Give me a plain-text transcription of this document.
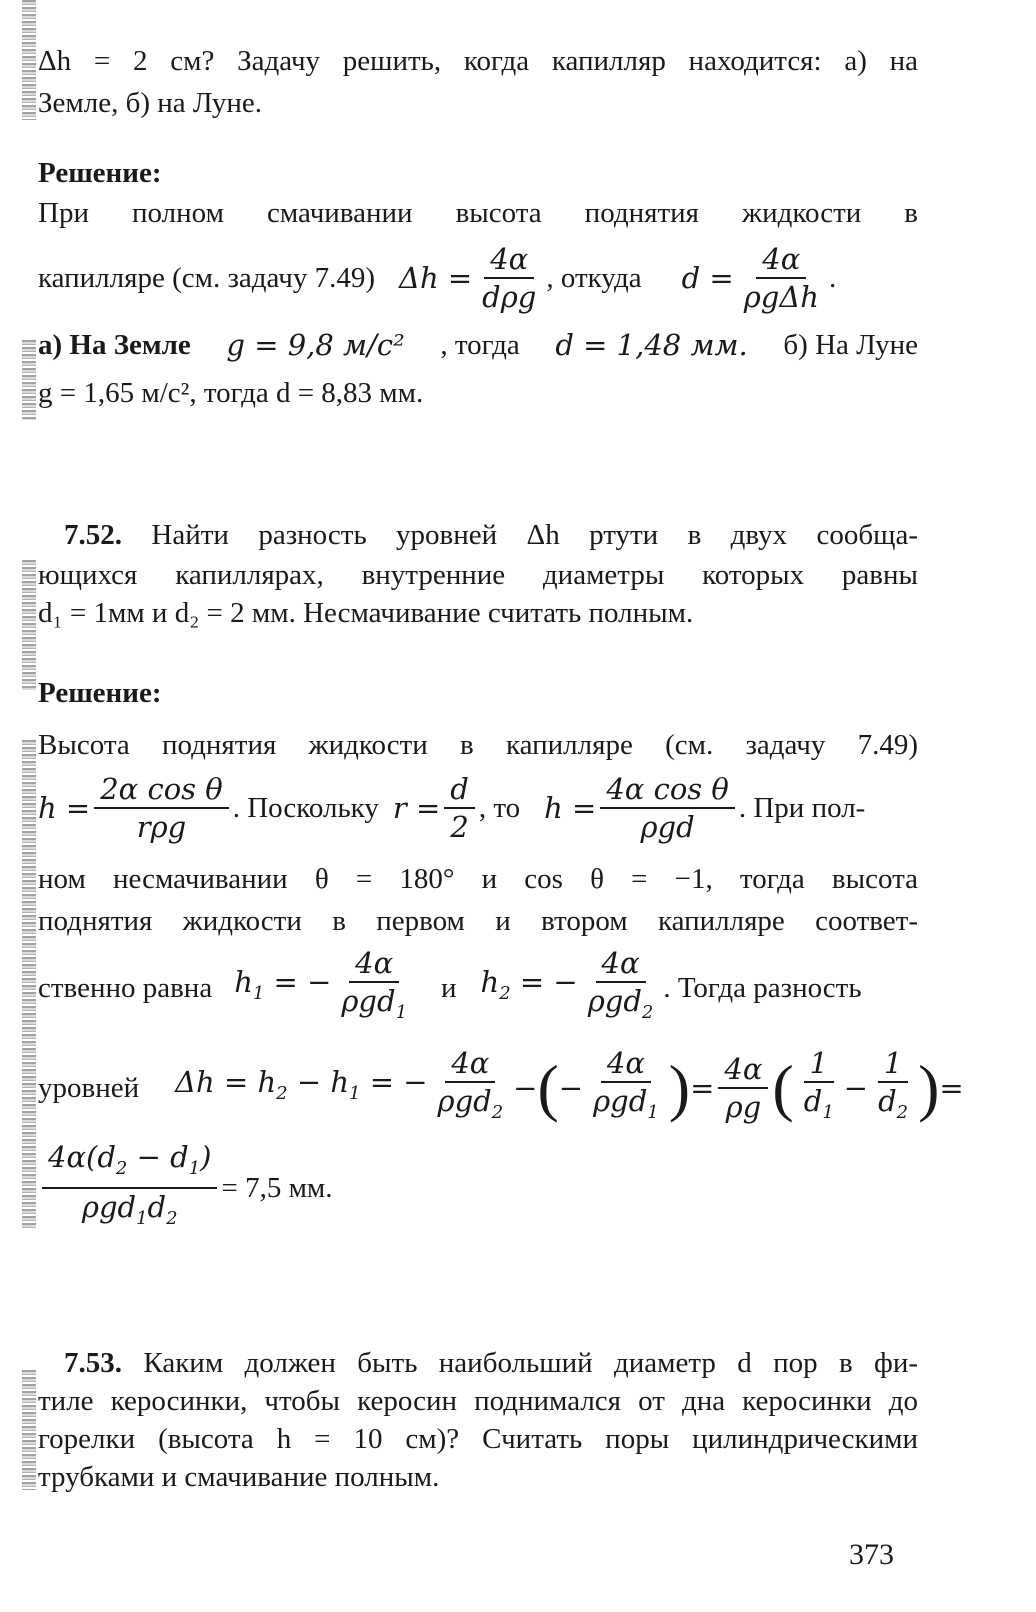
Δh = 2 см? Задачу решить, когда капилляр находится: а) на
Земле, б) на Луне.
Решение:
При полном смачивании высота поднятия жидкости в
капилляре (см. задачу 7.49) $\Delta h = \frac{4\alpha}{\text{dρg}}$ , откуда $d = \frac{4\alpha}{\text{ρgΔh}}$ .
а) На Земле g = 9,8 м/с² , тогда d = 1,48 мм. б) На Луне
g = 1,65 м/с², тогда d = 8,83 мм.
7.52. Найти разность уровней Δh ртути в двух сообща-
ющихся капиллярах, внутренние диаметры которых равны
d₁ = 1мм и d₂ = 2 мм. Несмачивание считать полным.
Решение:
Высота поднятия жидкости в капилляре (см. задачу 7.49)
$h = \frac{\text{2α cos θ}}{\text{rρg}}$ . Поскольку $r = \frac{d}{2}$ , то $h = \frac{\text{4α cos θ}}{\text{ρgd}}$ . При пол-
ном несмачивании θ = 180° и cos θ = −1, тогда высота
поднятия жидкости в первом и втором капилляре соответ-
ственно равна $h_1$ = − $\frac{4\alpha}{\rho gd_1}$ и $h_2$ = − $\frac{4\alpha}{\rho gd_2}$ . Тогда разность
уровней $\Delta h = h_2 - h_1$ = − $\frac{4\alpha}{\rho gd_2}$ − ( − $\frac{4\alpha}{\rho gd_1}$ ) = $\frac{4\alpha}{\rho g}$ ( $\frac{1}{d_1} - \frac{1}{d_2}$ ) =
$\frac{4\alpha(d_2 - d_1)}{\rho gd_1d_2} = 7,5$ мм.
7.53. Каким должен быть наибольший диаметр d пор в фи-
тиле керосинки, чтобы керосин поднимался от дна керосинки до
горелки (высота h = 10 см)? Считать поры цилиндрическими
трубками и смачивание полным.
373
